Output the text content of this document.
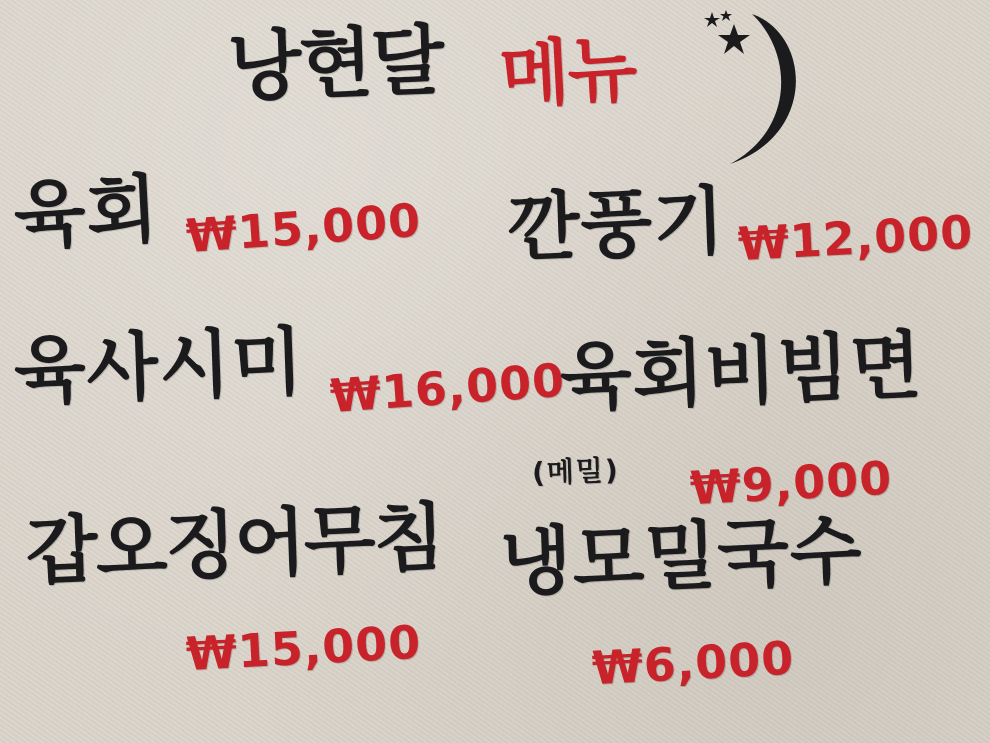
낭현달 메뉴
육회 ₩15,000 깐풍기 ₩12,000
육사시미 ₩16,000
육회비빔면
(메밀) ₩9,000
갑오징어무침
₩15,000
냉모밀국수
₩6,000
